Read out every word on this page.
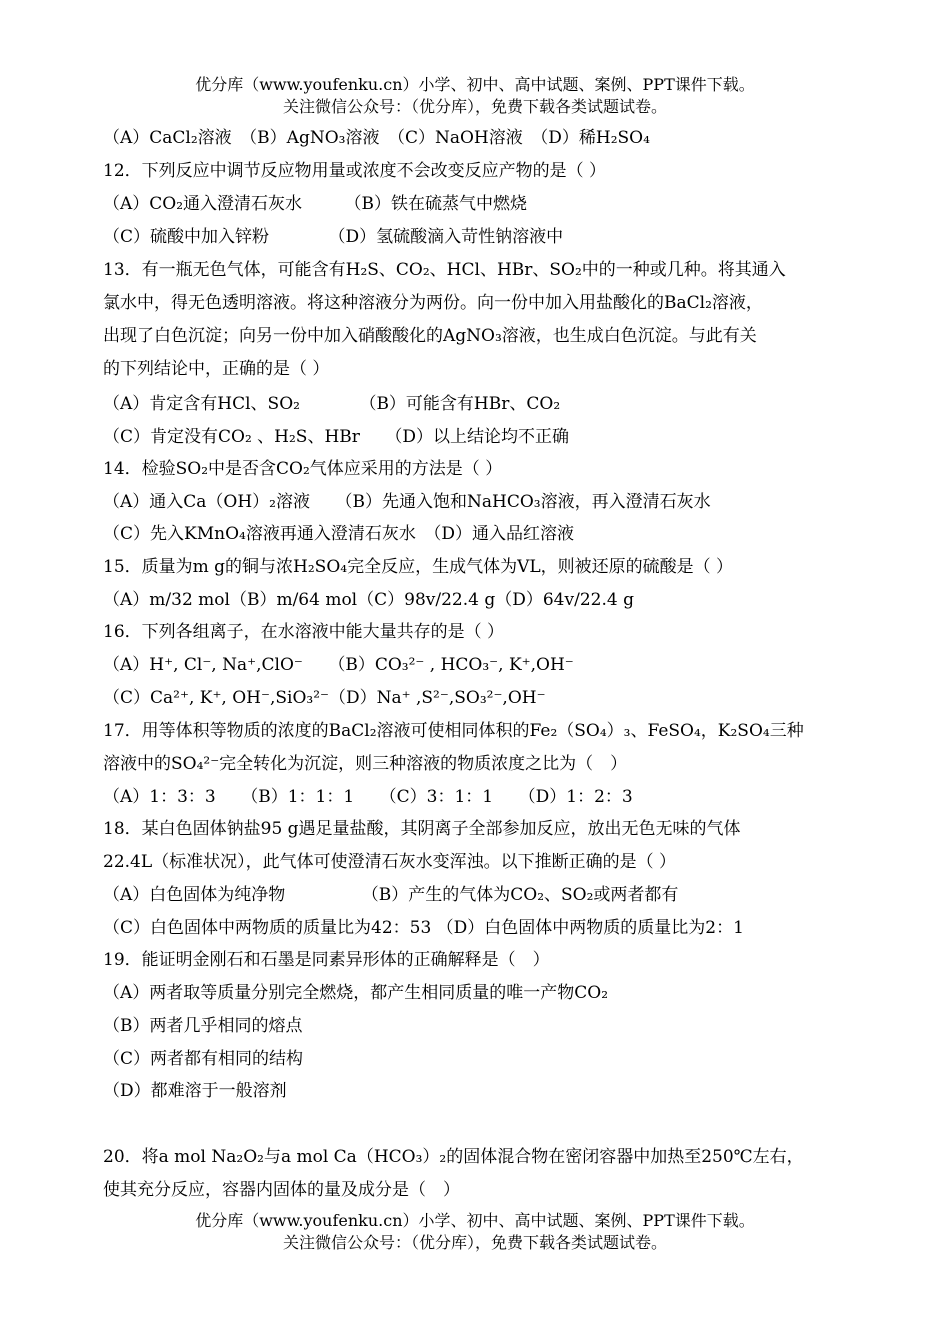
优分库（www.youfenku.cn）小学、初中、高中试题、案例、PPT课件下载。
关注微信公众号：（优分库），免费下载各类试题试卷。
（A）CaCl₂溶液　（B）AgNO₃溶液　（C）NaOH溶液　（D）稀H₂SO₄
12．下列反应中调节反应物用量或浓度不会改变反应产物的是（ ）
（A）CO₂通入澄清石灰水　　　（B）铁在硫蒸气中燃烧
（C）硫酸中加入锌粉　　　　（D）氢硫酸滴入苛性钠溶液中
13．有一瓶无色气体，可能含有H₂S、CO₂、HCl、HBr、SO₂中的一种或几种。将其通入
氯水中，得无色透明溶液。将这种溶液分为两份。向一份中加入用盐酸化的BaCl₂溶液，
出现了白色沉淀；向另一份中加入硝酸酸化的AgNO₃溶液，也生成白色沉淀。与此有关
的下列结论中，正确的是（ ）
（A）肯定含有HCl、SO₂　　　　（B）可能含有HBr、CO₂
（C）肯定没有CO₂ 、H₂S、HBr　　（D）以上结论均不正确
14．检验SO₂中是否含CO₂气体应采用的方法是（ ）
（A）通入Ca（OH）₂溶液　　（B）先通入饱和NaHCO₃溶液，再入澄清石灰水
（C）先入KMnO₄溶液再通入澄清石灰水　（D）通入品红溶液
15．质量为m g的铜与浓H₂SO₄完全反应，生成气体为VL，则被还原的硫酸是（ ）
（A）m/32 mol（B）m/64 mol（C）98v/22.4 g（D）64v/22.4 g
16．下列各组离子，在水溶液中能大量共存的是（ ）
（A）H⁺, Cl⁻, Na⁺,ClO⁻　　（B）CO₃²⁻ , HCO₃⁻, K⁺,OH⁻
（C）Ca²⁺, K⁺, OH⁻,SiO₃²⁻（D）Na⁺ ,S²⁻,SO₃²⁻,OH⁻
17．用等体积等物质的浓度的BaCl₂溶液可使相同体积的Fe₂（SO₄）₃、FeSO₄，K₂SO₄三种
溶液中的SO₄²⁻完全转化为沉淀，则三种溶液的物质浓度之比为（　）
（A）1：3：3　　（B）1：1：1　　（C）3：1：1　　（D）1：2：3
18．某白色固体钠盐95 g遇足量盐酸，其阴离子全部参加反应，放出无色无味的气体
22.4L（标准状况），此气体可使澄清石灰水变浑浊。以下推断正确的是（ ）
（A）白色固体为纯净物　　　　　（B）产生的气体为CO₂、SO₂或两者都有
（C）白色固体中两物质的质量比为42：53 （D）白色固体中两物质的质量比为2：1
19．能证明金刚石和石墨是同素异形体的正确解释是（　）
（A）两者取等质量分别完全燃烧，都产生相同质量的唯一产物CO₂
（B）两者几乎相同的熔点
（C）两者都有相同的结构
（D）都难溶于一般溶剂
20．将a mol Na₂O₂与a mol Ca（HCO₃）₂的固体混合物在密闭容器中加热至250℃左右，
使其充分反应，容器内固体的量及成分是（　）
优分库（www.youfenku.cn）小学、初中、高中试题、案例、PPT课件下载。
关注微信公众号：（优分库），免费下载各类试题试卷。
